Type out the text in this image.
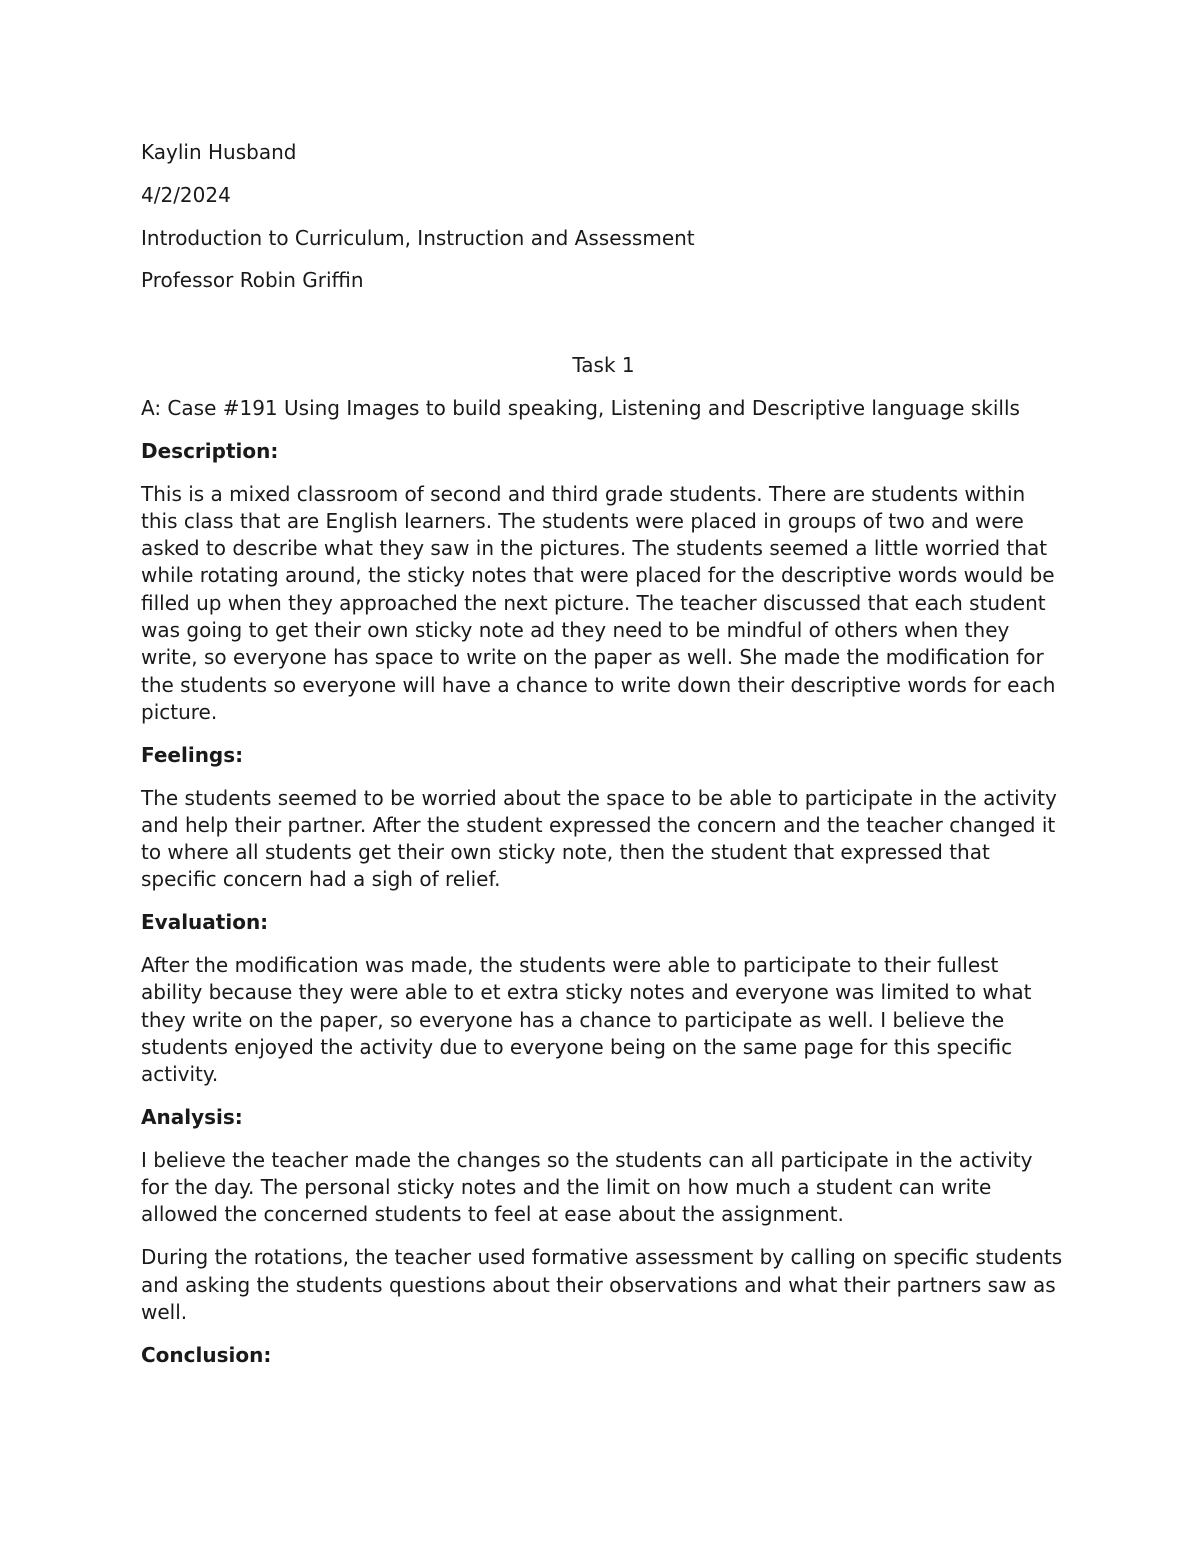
Kaylin Husband
4/2/2024
Introduction to Curriculum, Instruction and Assessment
Professor Robin Griffin
Task 1
A: Case #191 Using Images to build speaking, Listening and Descriptive language skills
Description:
This is a mixed classroom of second and third grade students. There are students within this class that are English learners. The students were placed in groups of two and were asked to describe what they saw in the pictures. The students seemed a little worried that while rotating around, the sticky notes that were placed for the descriptive words would be filled up when they approached the next picture. The teacher discussed that each student was going to get their own sticky note ad they need to be mindful of others when they write, so everyone has space to write on the paper as well. She made the modification for the students so everyone will have a chance to write down their descriptive words for each picture.
Feelings:
The students seemed to be worried about the space to be able to participate in the activity and help their partner. After the student expressed the concern and the teacher changed it to where all students get their own sticky note, then the student that expressed that specific concern had a sigh of relief.
Evaluation:
After the modification was made, the students were able to participate to their fullest ability because they were able to et extra sticky notes and everyone was limited to what they write on the paper, so everyone has a chance to participate as well. I believe the students enjoyed the activity due to everyone being on the same page for this specific activity.
Analysis:
I believe the teacher made the changes so the students can all participate in the activity for the day. The personal sticky notes and the limit on how much a student can write allowed the concerned students to feel at ease about the assignment.
During the rotations, the teacher used formative assessment by calling on specific students and asking the students questions about their observations and what their partners saw as well.
Conclusion:
